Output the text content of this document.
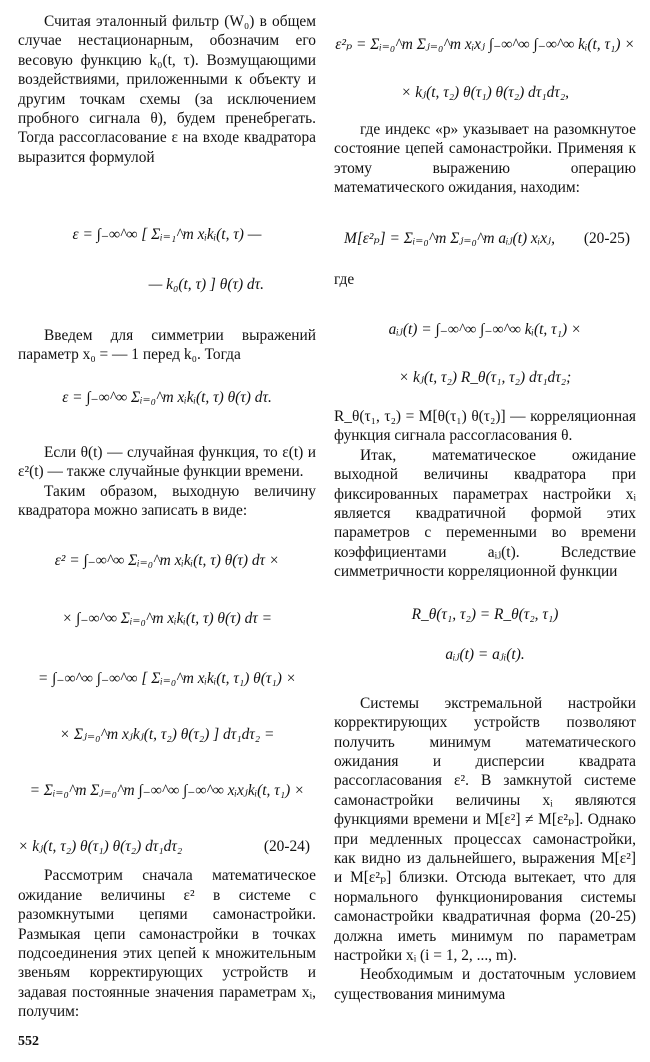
Считая эталонный фильтр (W₀) в общем случае нестационарным, обозначим его весовую функцию k₀(t, τ). Возмущающими воздействиями, приложенными к объекту и другим точкам схемы (за исключением пробного сигнала θ), будем пренебрегать. Тогда рассогласование ε на входе квадратора выразится формулой

ε = ∫₋∞^∞ [ Σᵢ₌₁^m xᵢkᵢ(t, τ) —
— k₀(t, τ) ] θ(τ) dτ.

Введем для симметрии выражений параметр x₀ = — 1 перед k₀. Тогда

ε = ∫₋∞^∞ Σᵢ₌₀^m xᵢkᵢ(t, τ) θ(τ) dτ.

Если θ(t) — случайная функция, то ε(t) и ε²(t) — также случайные функции времени.

Таким образом, выходную величину квадратора можно записать в виде:

ε² = ∫₋∞^∞ Σᵢ₌₀^m xᵢkᵢ(t, τ) θ(τ) dτ ×
× ∫₋∞^∞ Σᵢ₌₀^m xᵢkᵢ(t, τ) θ(τ) dτ =
= ∫₋∞^∞ ∫₋∞^∞ [ Σᵢ₌₀^m xᵢkᵢ(t, τ₁) θ(τ₁) ×
× Σⱼ₌₀^m xⱼkⱼ(t, τ₂) θ(τ₂) ] dτ₁dτ₂ =
= Σᵢ₌₀^m Σⱼ₌₀^m ∫₋∞^∞ ∫₋∞^∞ xᵢxⱼkᵢ(t, τ₁) ×
× kⱼ(t, τ₂) θ(τ₁) θ(τ₂) dτ₁dτ₂	(20-24)

Рассмотрим сначала математическое ожидание величины ε² в системе с разомкнутыми цепями самонастройки. Размыкая цепи самонастройки в точках подсоединения этих цепей к множительным звеньям корректирующих устройств и задавая постоянные значения параметрам xᵢ, получим:

ε²ₚ = Σᵢ₌₀^m Σⱼ₌₀^m xᵢxⱼ ∫₋∞^∞ ∫₋∞^∞ kᵢ(t, τ₁) ×
× kⱼ(t, τ₂) θ(τ₁) θ(τ₂) dτ₁dτ₂,

где индекс «р» указывает на разомкнутое состояние цепей самонастройки. Применяя к этому выражению операцию математического ожидания, находим:

M[ε²ₚ] = Σᵢ₌₀^m Σⱼ₌₀^m aᵢⱼ(t) xᵢxⱼ, (20-25)

где

aᵢⱼ(t) = ∫₋∞^∞ ∫₋∞^∞ kᵢ(t, τ₁) ×
× kⱼ(t, τ₂) R_θ(τ₁, τ₂) dτ₁dτ₂;

R_θ(τ₁, τ₂) = M[θ(τ₁) θ(τ₂)] — корреляционная функция сигнала рассогласования θ.

Итак, математическое ожидание выходной величины квадратора при фиксированных параметрах настройки xᵢ является квадратичной формой этих параметров с переменными во времени коэффициентами aᵢⱼ(t). Вследствие симметричности корреляционной функции

R_θ(τ₁, τ₂) = R_θ(τ₂, τ₁)
aᵢⱼ(t) = aⱼᵢ(t).

Системы экстремальной настройки корректирующих устройств позволяют получить минимум математического ожидания и дисперсии квадрата рассогласования ε². В замкнутой системе самонастройки величины xᵢ являются функциями времени и M[ε²] ≠ M[ε²ₚ]. Однако при медленных процессах самонастройки, как видно из дальнейшего, выражения M[ε²] и M[ε²ₚ] близки. Отсюда вытекает, что для нормального функционирования системы самонастройки квадратичная форма (20-25) должна иметь минимум по параметрам настройки xᵢ (i = 1, 2, ..., m).

Необходимым и достаточным условием существования минимума

552
